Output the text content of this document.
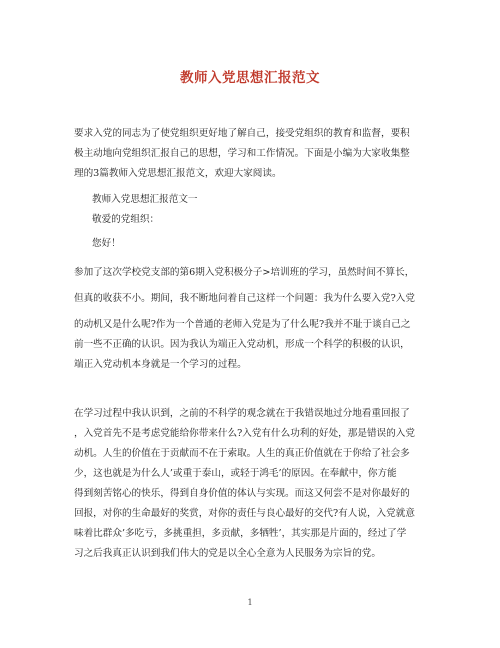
教师入党思想汇报范文
要求入党的同志为了使党组织更好地了解自己，接受党组织的教育和监督，要积
极主动地向党组织汇报自己的思想，学习和工作情况。下面是小编为大家收集整
理的3篇教师入党思想汇报范文，欢迎大家阅读。
教师入党思想汇报范文一
敬爱的党组织：
您好！
参加了这次学校党支部的第6期入党积极分子>培训班的学习，虽然时间不算长，
但真的收获不小。期间，我不断地问着自己这样一个问题：我为什么要入党?入党
的动机又是什么呢?作为一个普通的老师入党是为了什么呢?我并不耻于谈自己之
前一些不正确的认识。因为我认为端正入党动机，形成一个科学的积极的认识，
端正入党动机本身就是一个学习的过程。
在学习过程中我认识到，之前的不科学的观念就在于我错误地过分地看重回报了
，入党首先不是考虑党能给你带来什么?入党有什么功利的好处，那是错误的入党
动机。人生的价值在于贡献而不在于索取。人生的真正价值就在于你给了社会多
少，这也就是为什么人’或重于泰山，或轻于鸿毛’的原因。在奉献中，你方能
得到刻苦铭心的快乐，得到自身价值的体认与实现。而这又何尝不是对你最好的
回报，对你的生命最好的奖赏，对你的责任与良心最好的交代?有人说，入党就意
味着比群众’多吃亏，多挑重担，多贡献，多牺牲’，其实那是片面的，经过了学
习之后我真正认识到我们伟大的党是以全心全意为人民服务为宗旨的党。
1
